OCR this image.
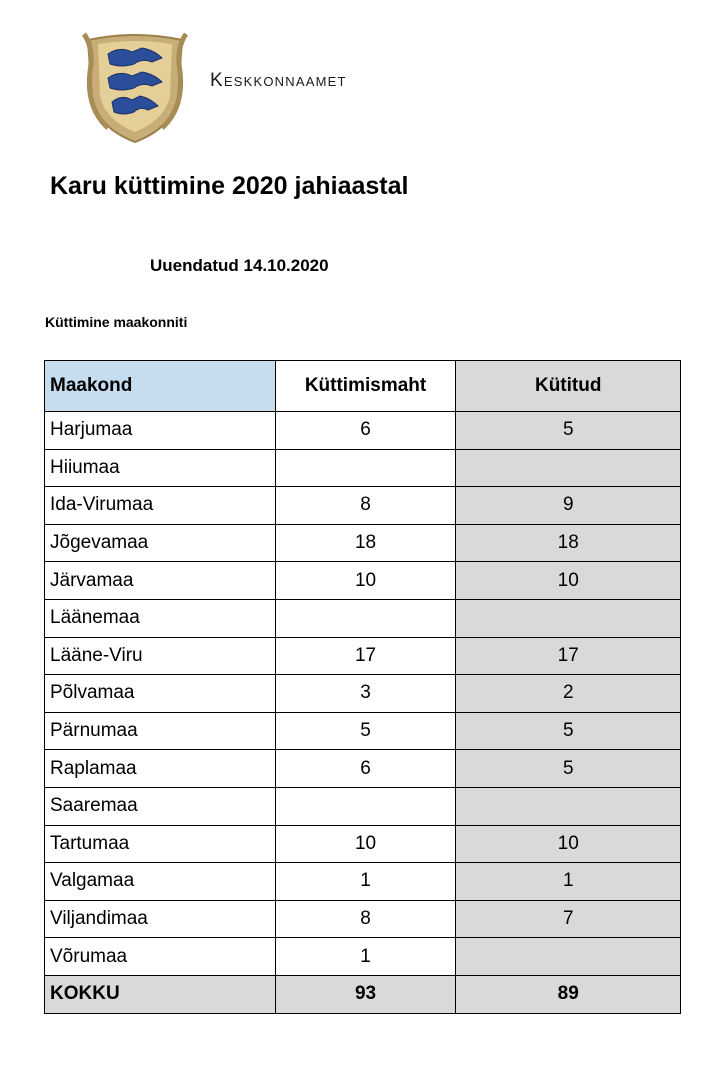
Keskkonnaamet
Karu küttimine 2020 jahiaastal
Uuendatud 14.10.2020
Küttimine maakonniti
Maakond	Küttimismaht	Kütitud
Harjumaa	6	5
Hiiumaa		
Ida-Virumaa	8	9
Jõgevamaa	18	18
Järvamaa	10	10
Läänemaa		
Lääne-Viru	17	17
Põlvamaa	3	2
Pärnumaa	5	5
Raplamaa	6	5
Saaremaa		
Tartumaa	10	10
Valgamaa	1	1
Viljandimaa	8	7
Võrumaa	1	
KOKKU	93	89
